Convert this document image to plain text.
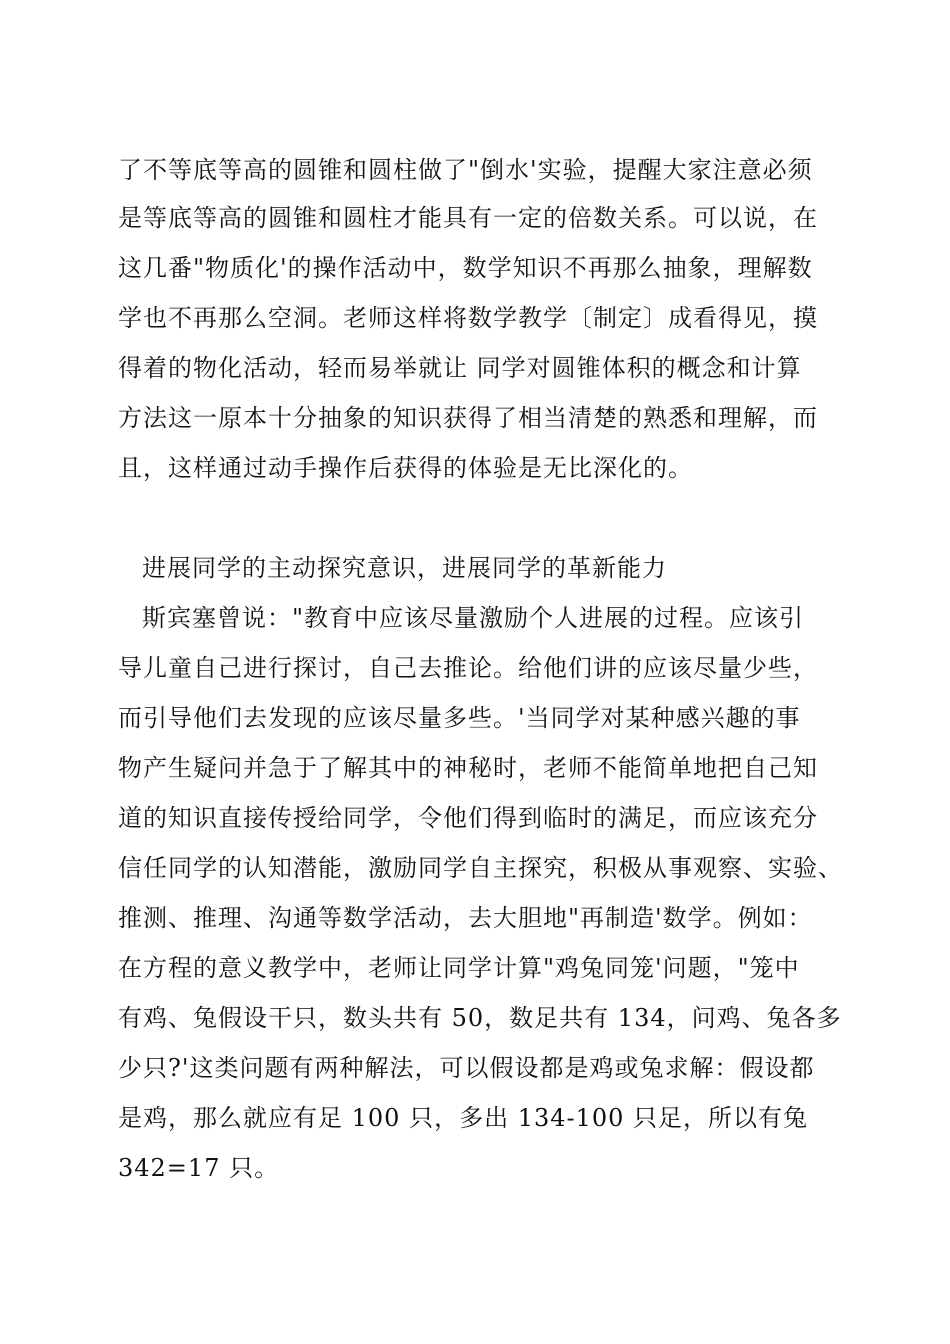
了不等底等高的圆锥和圆柱做了"倒水'实验，提醒大家注意必须
是等底等高的圆锥和圆柱才能具有一定的倍数关系。可以说，在
这几番"物质化'的操作活动中，数学知识不再那么抽象，理解数
学也不再那么空洞。老师这样将数学教学〔制定〕成看得见，摸
得着的物化活动，轻而易举就让 同学对圆锥体积的概念和计算
方法这一原本十分抽象的知识获得了相当清楚的熟悉和理解，而
且，这样通过动手操作后获得的体验是无比深化的。
进展同学的主动探究意识，进展同学的革新能力
斯宾塞曾说："教育中应该尽量激励个人进展的过程。应该引
导儿童自己进行探讨，自己去推论。给他们讲的应该尽量少些，
而引导他们去发现的应该尽量多些。'当同学对某种感兴趣的事
物产生疑问并急于了解其中的神秘时，老师不能简单地把自己知
道的知识直接传授给同学，令他们得到临时的满足，而应该充分
信任同学的认知潜能，激励同学自主探究，积极从事观察、实验、
推测、推理、沟通等数学活动，去大胆地"再制造'数学。例如：
在方程的意义教学中，老师让同学计算"鸡兔同笼'问题，"笼中
有鸡、兔假设干只，数头共有 50，数足共有 134，问鸡、兔各多
少只?'这类问题有两种解法，可以假设都是鸡或兔求解：假设都
是鸡，那么就应有足 100 只，多出 134-100 只足，所以有兔
342=17 只。
